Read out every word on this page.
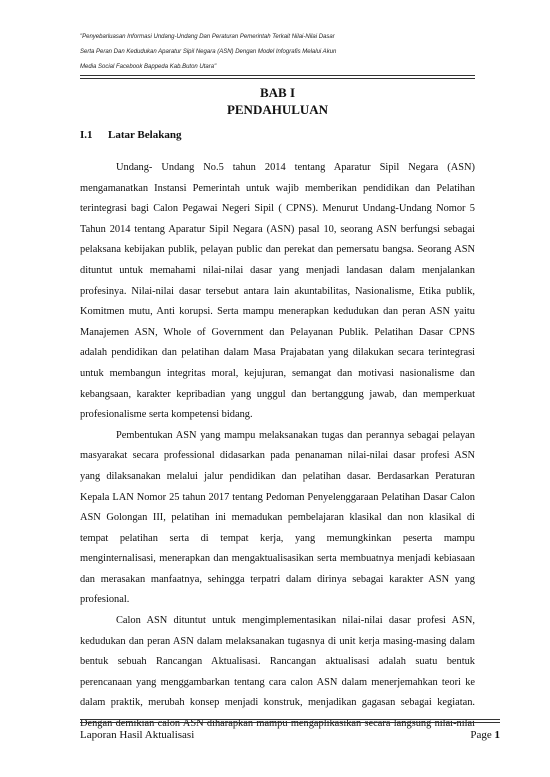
"Penyebarluasan Informasi Undang-Undang Dan Peraturan Pemerintah Terkait Nilai-Nilai Dasar
Serta Peran Dan Kedudukan Aparatur Sipil Negara (ASN) Dengan Model Infografis Melalui Akun
Media Social Facebook Bappeda Kab.Buton Utara"
BAB I
PENDAHULUAN
I.1 Latar Belakang
Undang- Undang No.5 tahun 2014 tentang Aparatur Sipil Negara (ASN)
mengamanatkan Instansi Pemerintah untuk wajib memberikan pendidikan dan Pelatihan
terintegrasi bagi Calon Pegawai Negeri Sipil ( CPNS). Menurut Undang-Undang Nomor 5
Tahun 2014 tentang Aparatur Sipil Negara (ASN) pasal 10, seorang ASN berfungsi sebagai
pelaksana kebijakan publik, pelayan public dan perekat dan pemersatu bangsa. Seorang ASN
dituntut untuk memahami nilai-nilai dasar yang menjadi landasan dalam menjalankan
profesinya. Nilai-nilai dasar tersebut antara lain akuntabilitas, Nasionalisme, Etika publik,
Komitmen mutu, Anti korupsi. Serta mampu menerapkan kedudukan dan peran ASN yaitu
Manajemen ASN, Whole of Government dan Pelayanan Publik. Pelatihan Dasar CPNS
adalah pendidikan dan pelatihan dalam Masa Prajabatan yang dilakukan secara terintegrasi
untuk membangun integritas moral, kejujuran, semangat dan motivasi nasionalisme dan
kebangsaan, karakter kepribadian yang unggul dan bertanggung jawab, dan memperkuat
profesionalisme serta kompetensi bidang.
Pembentukan ASN yang mampu melaksanakan tugas dan perannya sebagai pelayan
masyarakat secara professional didasarkan pada penanaman nilai-nilai dasar profesi ASN
yang dilaksanakan melalui jalur pendidikan dan pelatihan dasar. Berdasarkan Peraturan
Kepala LAN Nomor 25 tahun 2017 tentang Pedoman Penyelenggaraan Pelatihan Dasar Calon
ASN Golongan III, pelatihan ini memadukan pembelajaran klasikal dan non klasikal di
tempat pelatihan serta di tempat kerja, yang memungkinkan peserta mampu
menginternalisasi, menerapkan dan mengaktualisasikan serta membuatnya menjadi kebiasaan
dan merasakan manfaatnya, sehingga terpatri dalam dirinya sebagai karakter ASN yang
profesional.
Calon ASN dituntut untuk mengimplementasikan nilai-nilai dasar profesi ASN,
kedudukan dan peran ASN dalam melaksanakan tugasnya di unit kerja masing-masing dalam
bentuk sebuah Rancangan Aktualisasi. Rancangan aktualisasi adalah suatu bentuk
perencanaan yang menggambarkan tentang cara calon ASN dalam menerjemahkan teori ke
dalam praktik, merubah konsep menjadi konstruk, menjadikan gagasan sebagai kegiatan.
Dengan demikian calon ASN diharapkan mampu mengaplikasikan secara langsung nilai-nilai
Laporan Hasil Aktualisasi	Page 1
